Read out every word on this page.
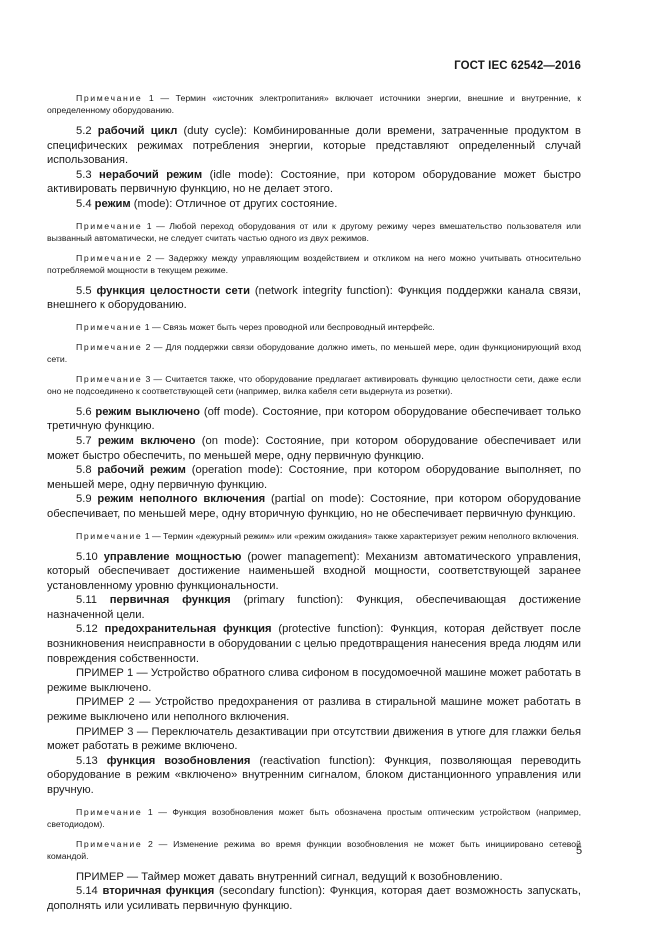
ГОСТ IEC 62542—2016

Примечание 1 — Термин «источник электропитания» включает источники энергии, внешние и внутренние, к определенному оборудованию.

5.2 рабочий цикл (duty cycle): Комбинированные доли времени, затраченные продуктом в специфических режимах потребления энергии, которые представляют определенный случай использования.

5.3 нерабочий режим (idle mode): Состояние, при котором оборудование может быстро активировать первичную функцию, но не делает этого.

5.4 режим (mode): Отличное от других состояние.

Примечание 1 — Любой переход оборудования от или к другому режиму через вмешательство пользователя или вызванный автоматически, не следует считать частью одного из двух режимов.

Примечание 2 — Задержку между управляющим воздействием и откликом на него можно учитывать относительно потребляемой мощности в текущем режиме.

5.5 функция целостности сети (network integrity function): Функция поддержки канала связи, внешнего к оборудованию.

Примечание 1 — Связь может быть через проводной или беспроводный интерфейс.

Примечание 2 — Для поддержки связи оборудование должно иметь, по меньшей мере, один функционирующий вход сети.

Примечание 3 — Считается также, что оборудование предлагает активировать функцию целостности сети, даже если оно не подсоединено к соответствующей сети (например, вилка кабеля сети выдернута из розетки).

5.6 режим выключено (off mode). Состояние, при котором оборудование обеспечивает только третичную функцию.

5.7 режим включено (on mode): Состояние, при котором оборудование обеспечивает или может быстро обеспечить, по меньшей мере, одну первичную функцию.

5.8 рабочий режим (operation mode): Состояние, при котором оборудование выполняет, по меньшей мере, одну первичную функцию.

5.9 режим неполного включения (partial on mode): Состояние, при котором оборудование обеспечивает, по меньшей мере, одну вторичную функцию, но не обеспечивает первичную функцию.

Примечание 1 — Термин «дежурный режим» или «режим ожидания» также характеризует режим неполного включения.

5.10 управление мощностью (power management): Механизм автоматического управления, который обеспечивает достижение наименьшей входной мощности, соответствующей заранее установленному уровню функциональности.

5.11 первичная функция (primary function): Функция, обеспечивающая достижение назначенной цели.

5.12 предохранительная функция (protective function): Функция, которая действует после возникновения неисправности в оборудовании с целью предотвращения нанесения вреда людям или повреждения собственности.

ПРИМЕР 1 — Устройство обратного слива сифоном в посудомоечной машине может работать в режиме выключено.

ПРИМЕР 2 — Устройство предохранения от разлива в стиральной машине может работать в режиме выключено или неполного включения.

ПРИМЕР 3 — Переключатель дезактивации при отсутствии движения в утюге для глажки белья может работать в режиме включено.

5.13 функция возобновления (reactivation function): Функция, позволяющая переводить оборудование в режим «включено» внутренним сигналом, блоком дистанционного управления или вручную.

Примечание 1 — Функция возобновления может быть обозначена простым оптическим устройством (например, светодиодом).

Примечание 2 — Изменение режима во время функции возобновления не может быть инициировано сетевой командой.

ПРИМЕР — Таймер может давать внутренний сигнал, ведущий к возобновлению.

5.14 вторичная функция (secondary function): Функция, которая дает возможность запускать, дополнять или усиливать первичную функцию.

5
